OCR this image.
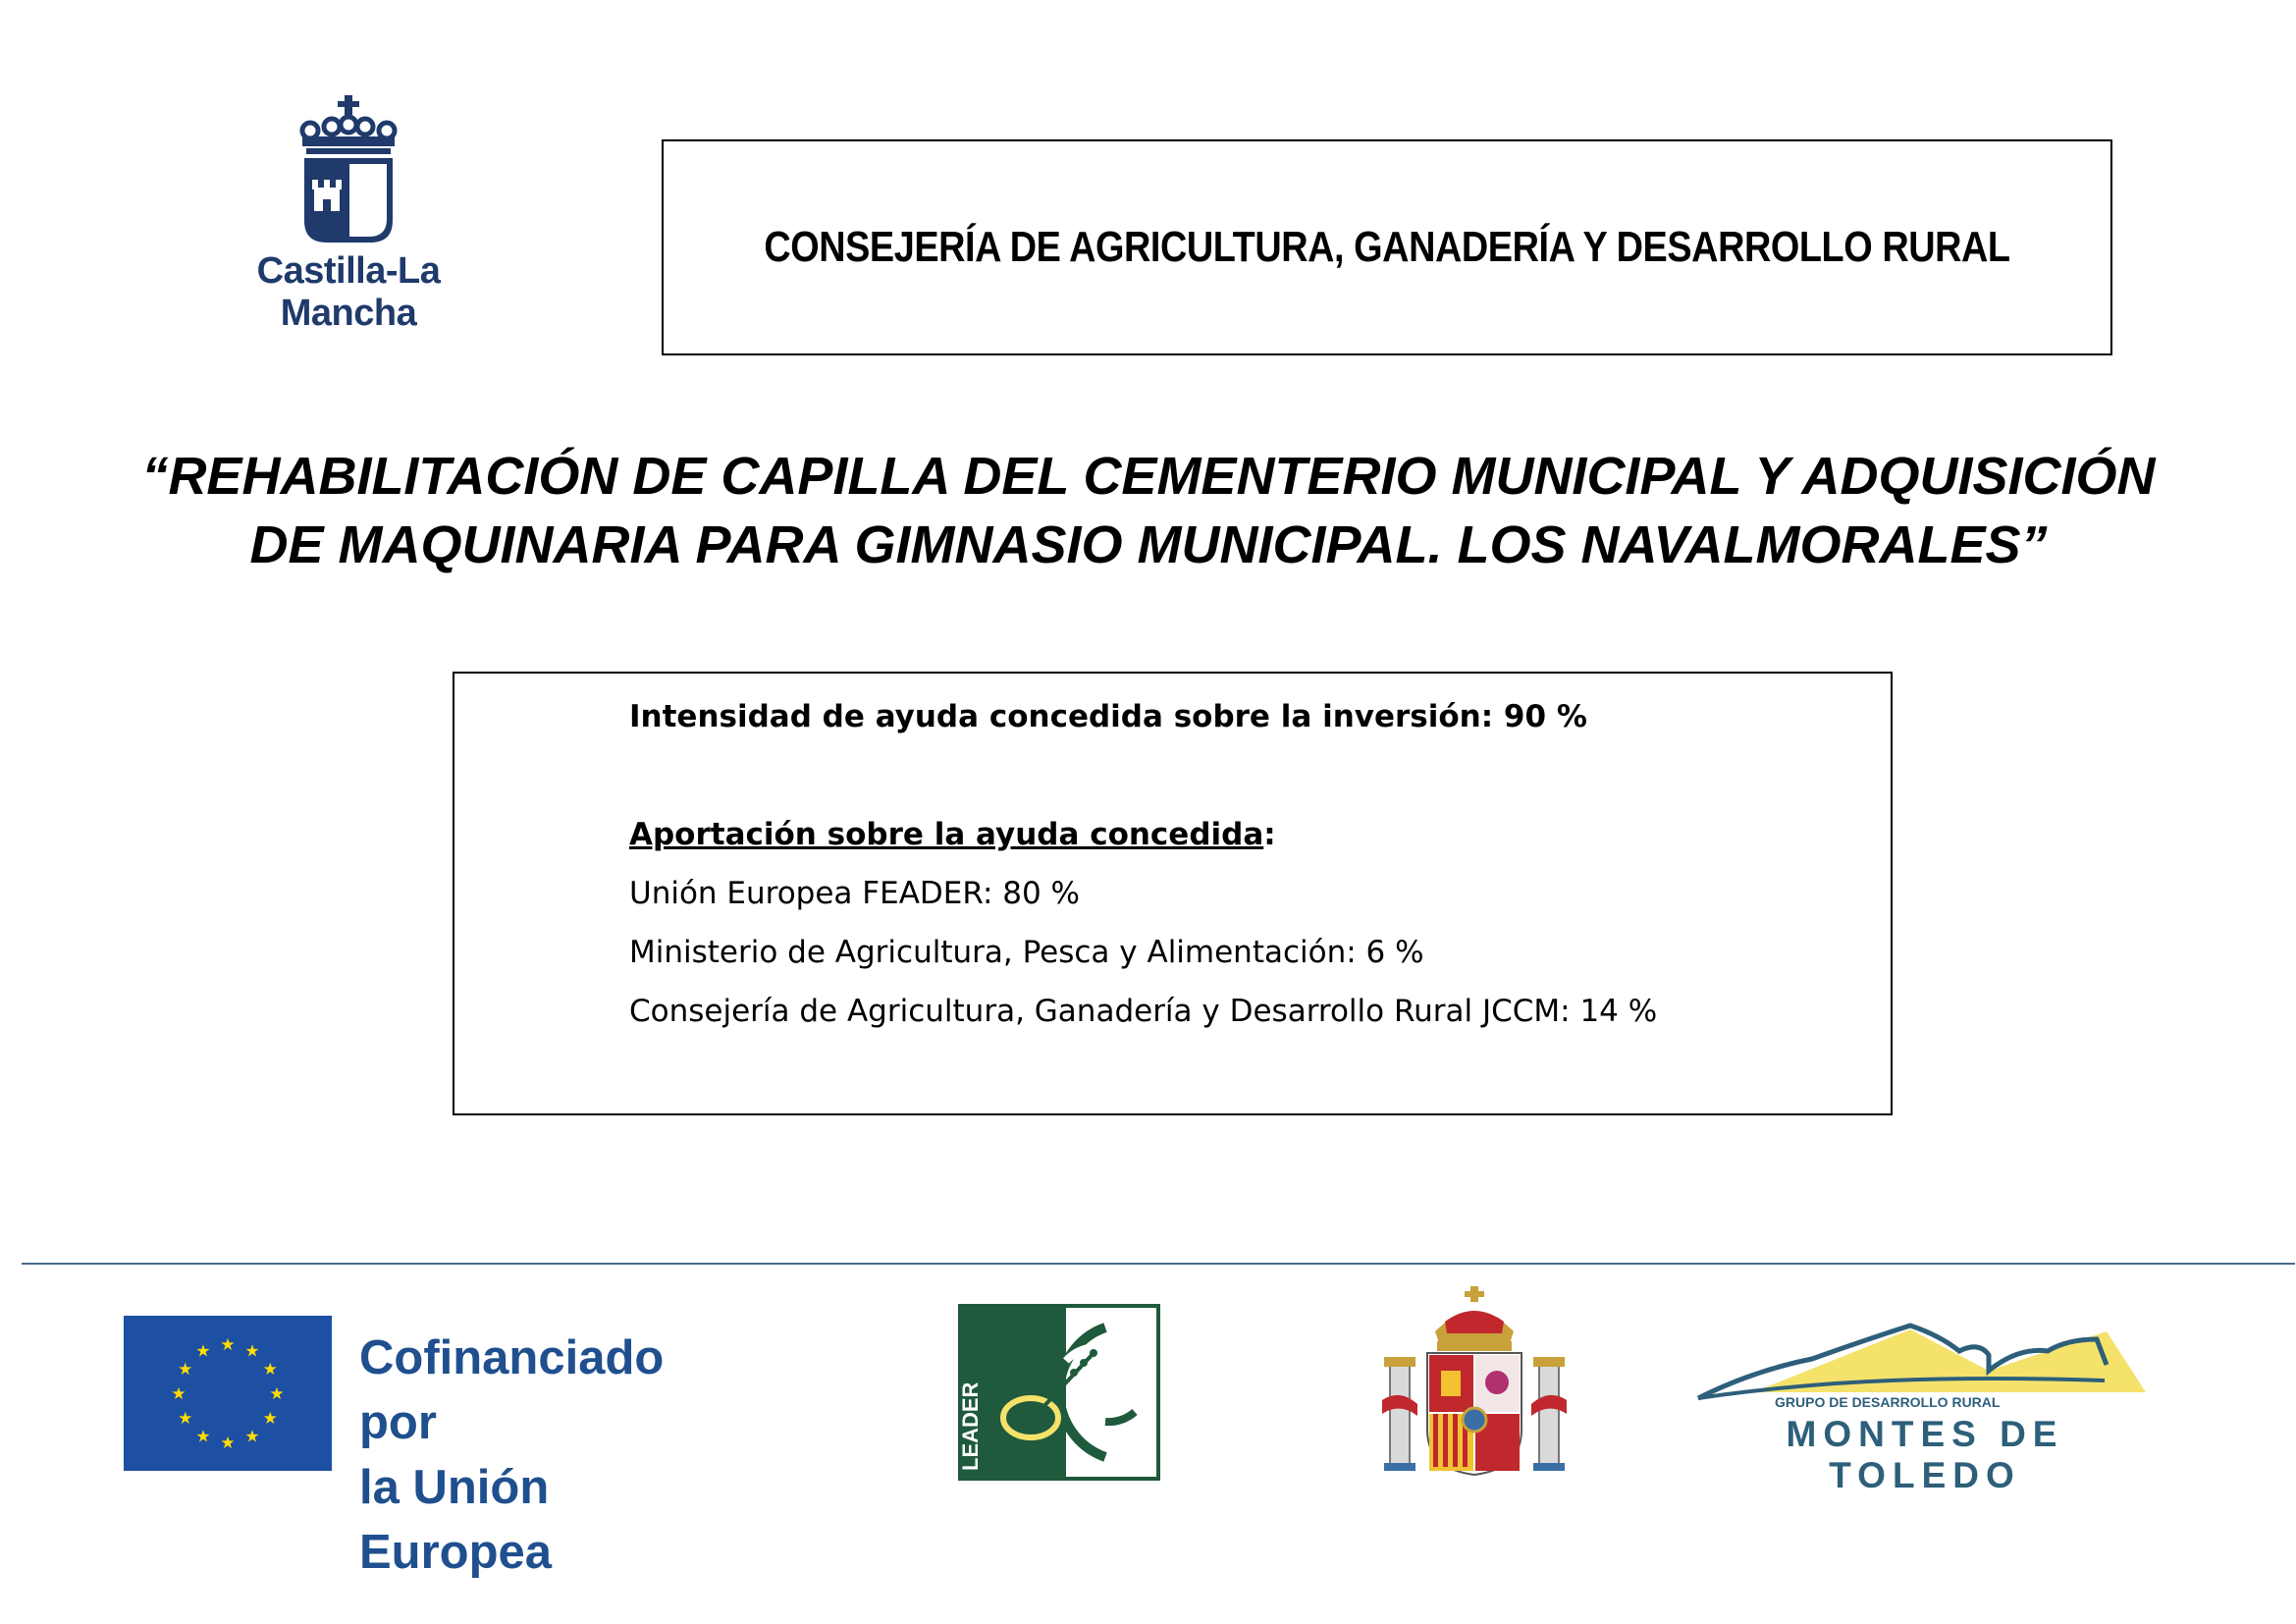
Castilla-La Mancha
CONSEJERÍA DE AGRICULTURA, GANADERÍA Y DESARROLLO RURAL
“REHABILITACIÓN DE CAPILLA DEL CEMENTERIO MUNICIPAL Y ADQUISICIÓN
DE MAQUINARIA PARA GIMNASIO MUNICIPAL. LOS NAVALMORALES”
Intensidad de ayuda concedida sobre la inversión: 90 %
Aportación sobre la ayuda concedida:
Unión Europea FEADER: 80 %
Ministerio de Agricultura, Pesca y Alimentación: 6 %
Consejería de Agricultura, Ganadería y Desarrollo Rural JCCM: 14 %
★ ★
★
★
★
★
★
★
★
★
★
★	Cofinanciado por
la Unión Europea
LEADER	GRUPO DE DESARROLLO RURAL
MONTES DE TOLEDO
